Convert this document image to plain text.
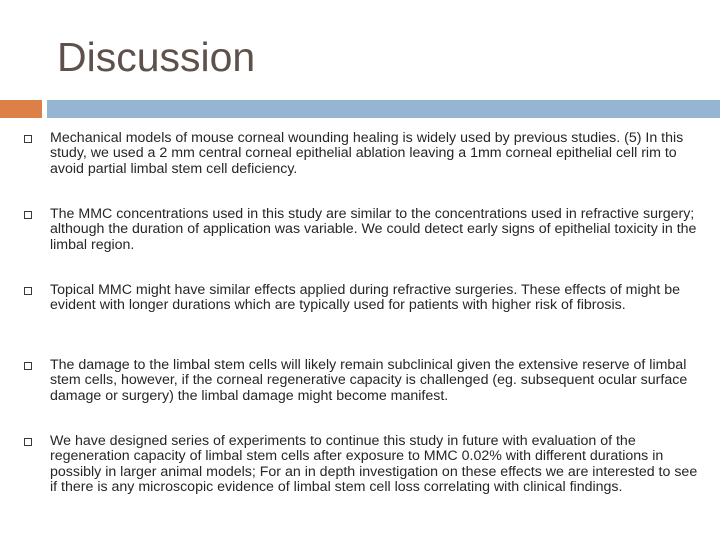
Discussion

Mechanical models of mouse corneal wounding healing is widely used by previous studies. (5) In this study, we used a 2 mm central corneal epithelial ablation leaving a 1mm corneal epithelial cell rim to avoid partial limbal stem cell deficiency.

The MMC concentrations used in this study are similar to the concentrations used in refractive surgery; although the duration of application was variable. We could detect early signs of epithelial toxicity in the limbal region.

Topical MMC might have similar effects applied during refractive surgeries. These effects of might be evident with longer durations which are typically used for patients with higher risk of fibrosis.

The damage to the limbal stem cells will likely remain subclinical given the extensive reserve of limbal stem cells, however, if the corneal regenerative capacity is challenged (eg. subsequent ocular surface damage or surgery) the limbal damage might become manifest.

We have designed series of experiments to continue this study in future with evaluation of the regeneration capacity of limbal stem cells after exposure to MMC 0.02% with different durations in possibly in larger animal models; For an in depth investigation on these effects we are interested to see if there is any microscopic evidence of limbal stem cell loss correlating with clinical findings.
